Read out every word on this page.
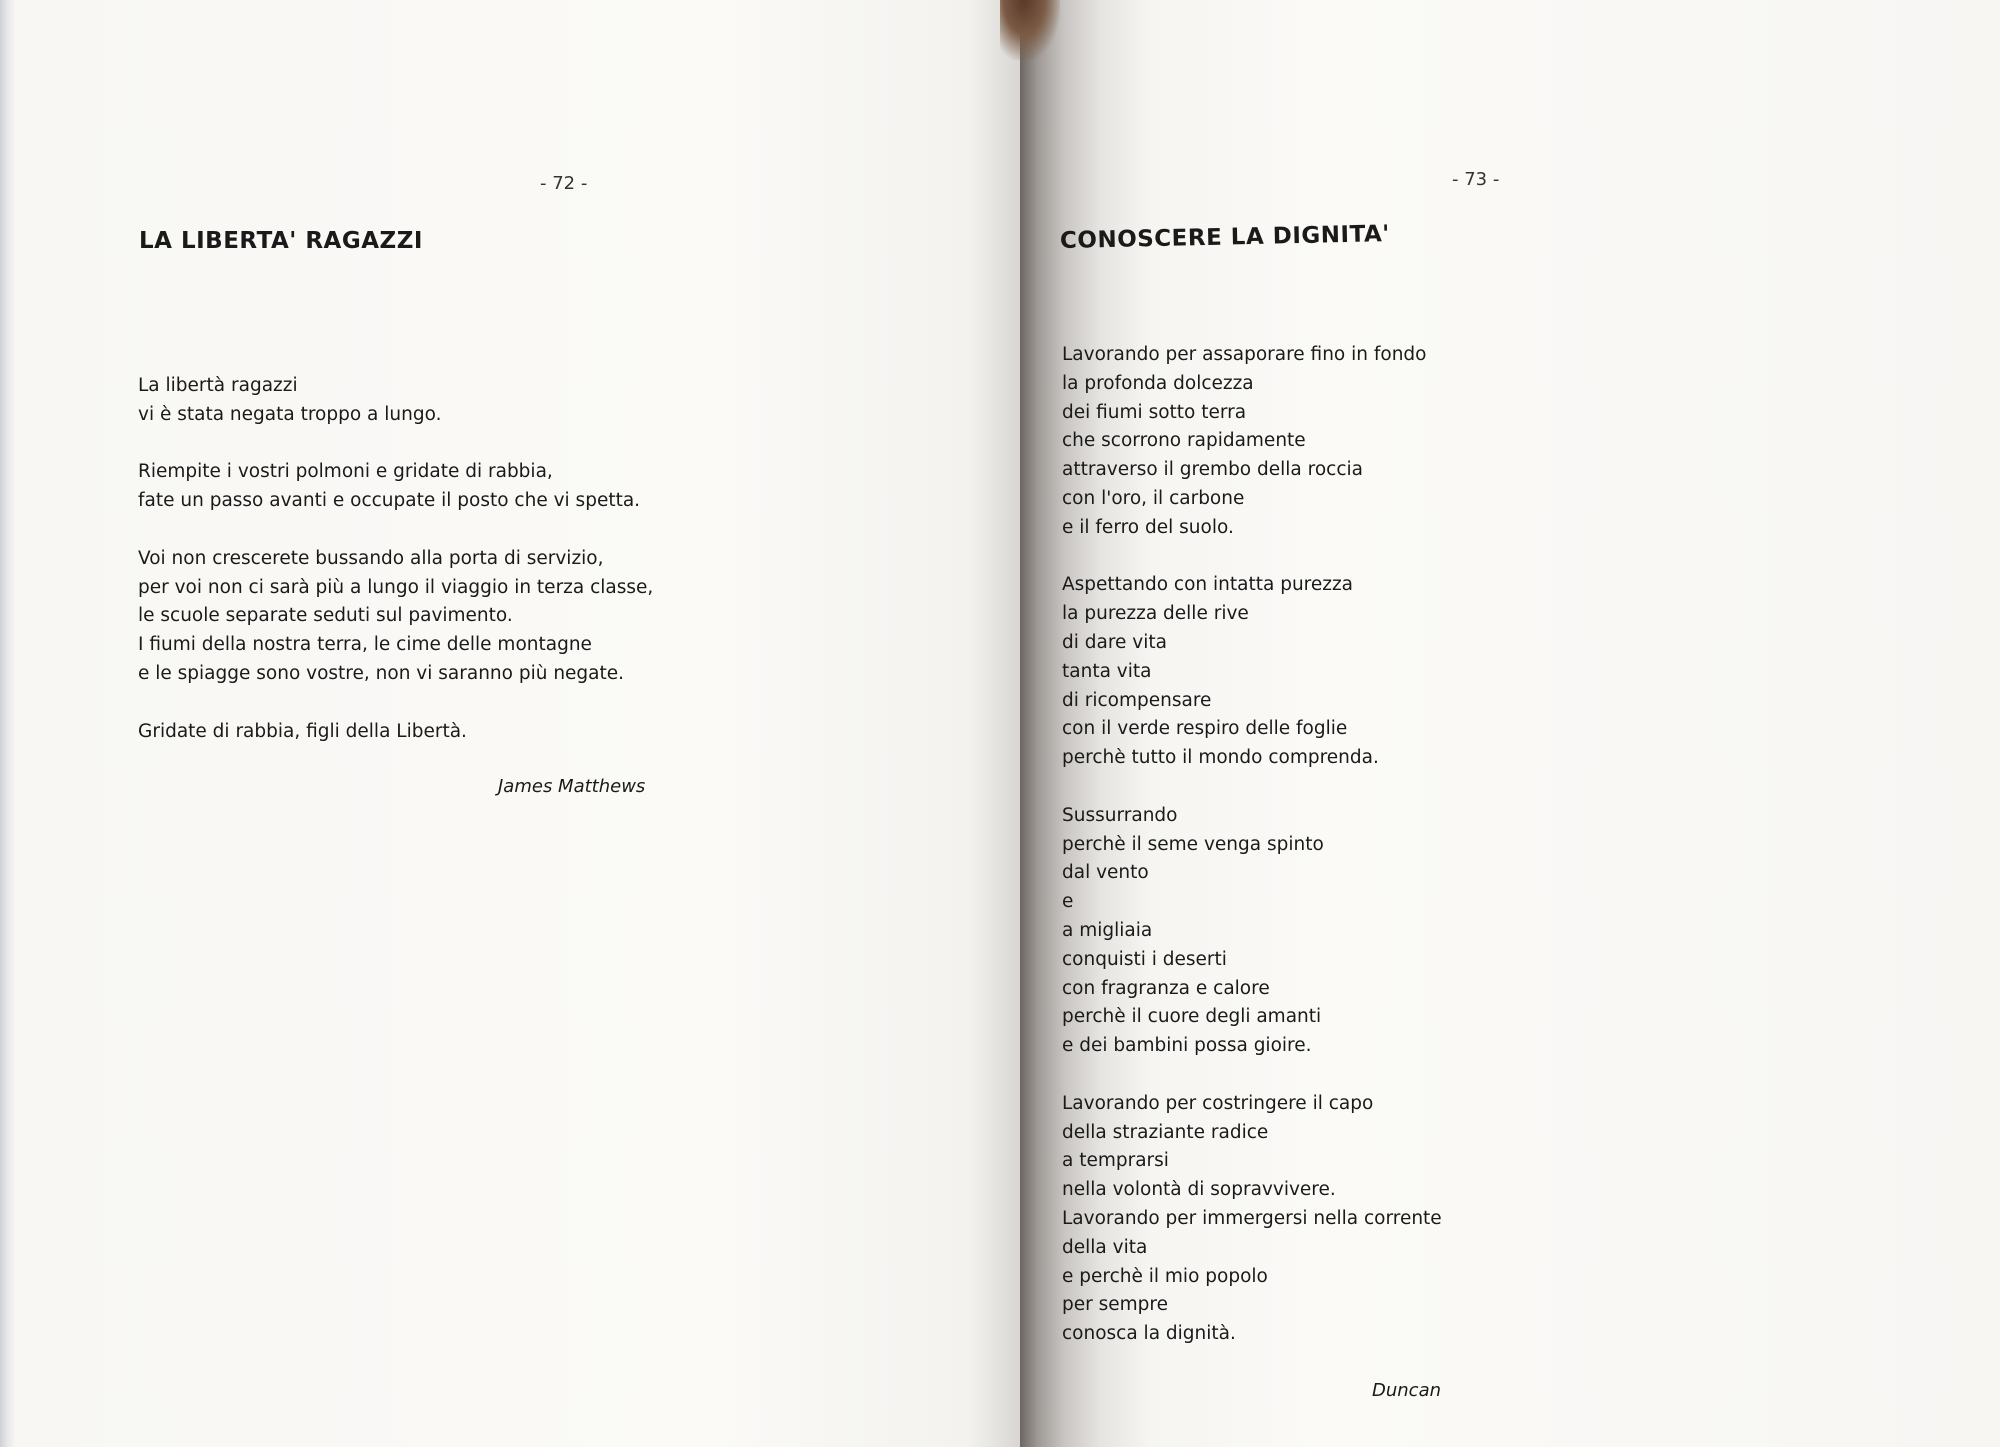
- 72 -
LA LIBERTA' RAGAZZI
La libertà ragazzi
vi è stata negata troppo a lungo.
Riempite i vostri polmoni e gridate di rabbia,
fate un passo avanti e occupate il posto che vi spetta.
Voi non crescerete bussando alla porta di servizio,
per voi non ci sarà più a lungo il viaggio in terza classe,
le scuole separate seduti sul pavimento.
I fiumi della nostra terra, le cime delle montagne
e le spiagge sono vostre, non vi saranno più negate.
Gridate di rabbia, figli della Libertà.
James Matthews
- 73 -
CONOSCERE LA DIGNITA'
Lavorando per assaporare fino in fondo
la profonda dolcezza
dei fiumi sotto terra
che scorrono rapidamente
attraverso il grembo della roccia
con l'oro, il carbone
e il ferro del suolo.
Aspettando con intatta purezza
la purezza delle rive
di dare vita
tanta vita
di ricompensare
con il verde respiro delle foglie
perchè tutto il mondo comprenda.
Sussurrando
perchè il seme venga spinto
dal vento
e
a migliaia
conquisti i deserti
con fragranza e calore
perchè il cuore degli amanti
e dei bambini possa gioire.
Lavorando per costringere il capo
della straziante radice
a temprarsi
nella volontà di sopravvivere.
Lavorando per immergersi nella corrente
della vita
e perchè il mio popolo
per sempre
conosca la dignità.
Duncan
